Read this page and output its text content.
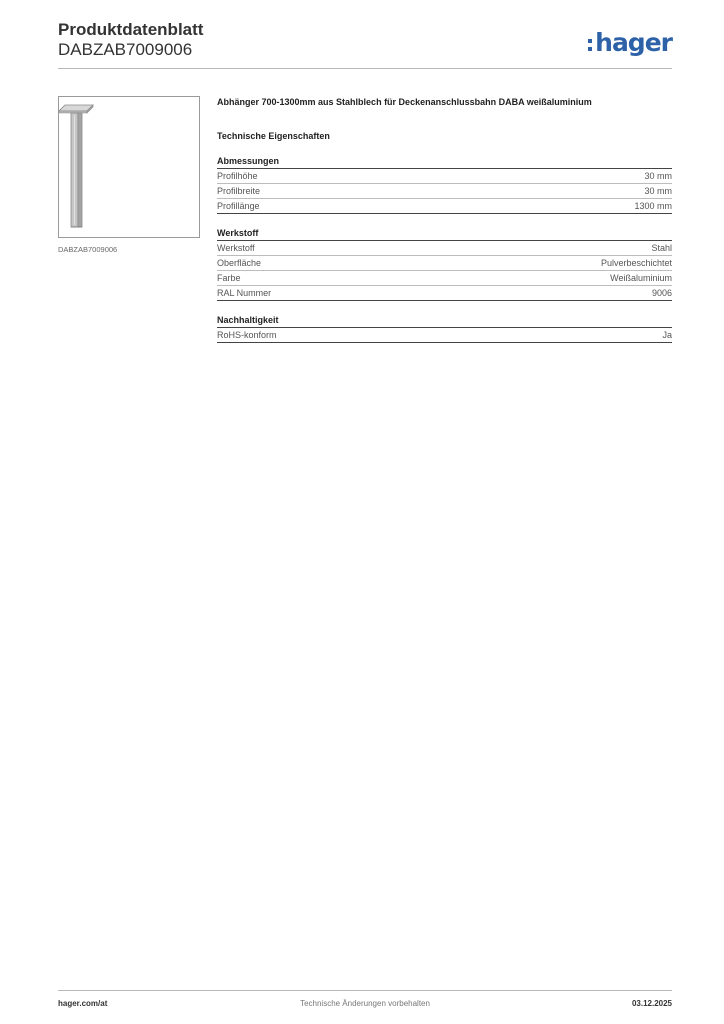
Produktdatenblatt
DABZAB7009006	hager
DABZAB7009006
Abhänger 700-1300mm aus Stahlblech für Deckenanschlussbahn DABA weißaluminium
Technische Eigenschaften
Abmessungen
Profilhöhe	30 mm
Profilbreite	30 mm
Profillänge	1300 mm
Werkstoff
Werkstoff	Stahl
Oberfläche	Pulverbeschichtet
Farbe	Weißaluminium
RAL Nummer	9006
Nachhaltigkeit
RoHS-konform	Ja
hager.com/at	Technische Änderungen vorbehalten	03.12.2025
